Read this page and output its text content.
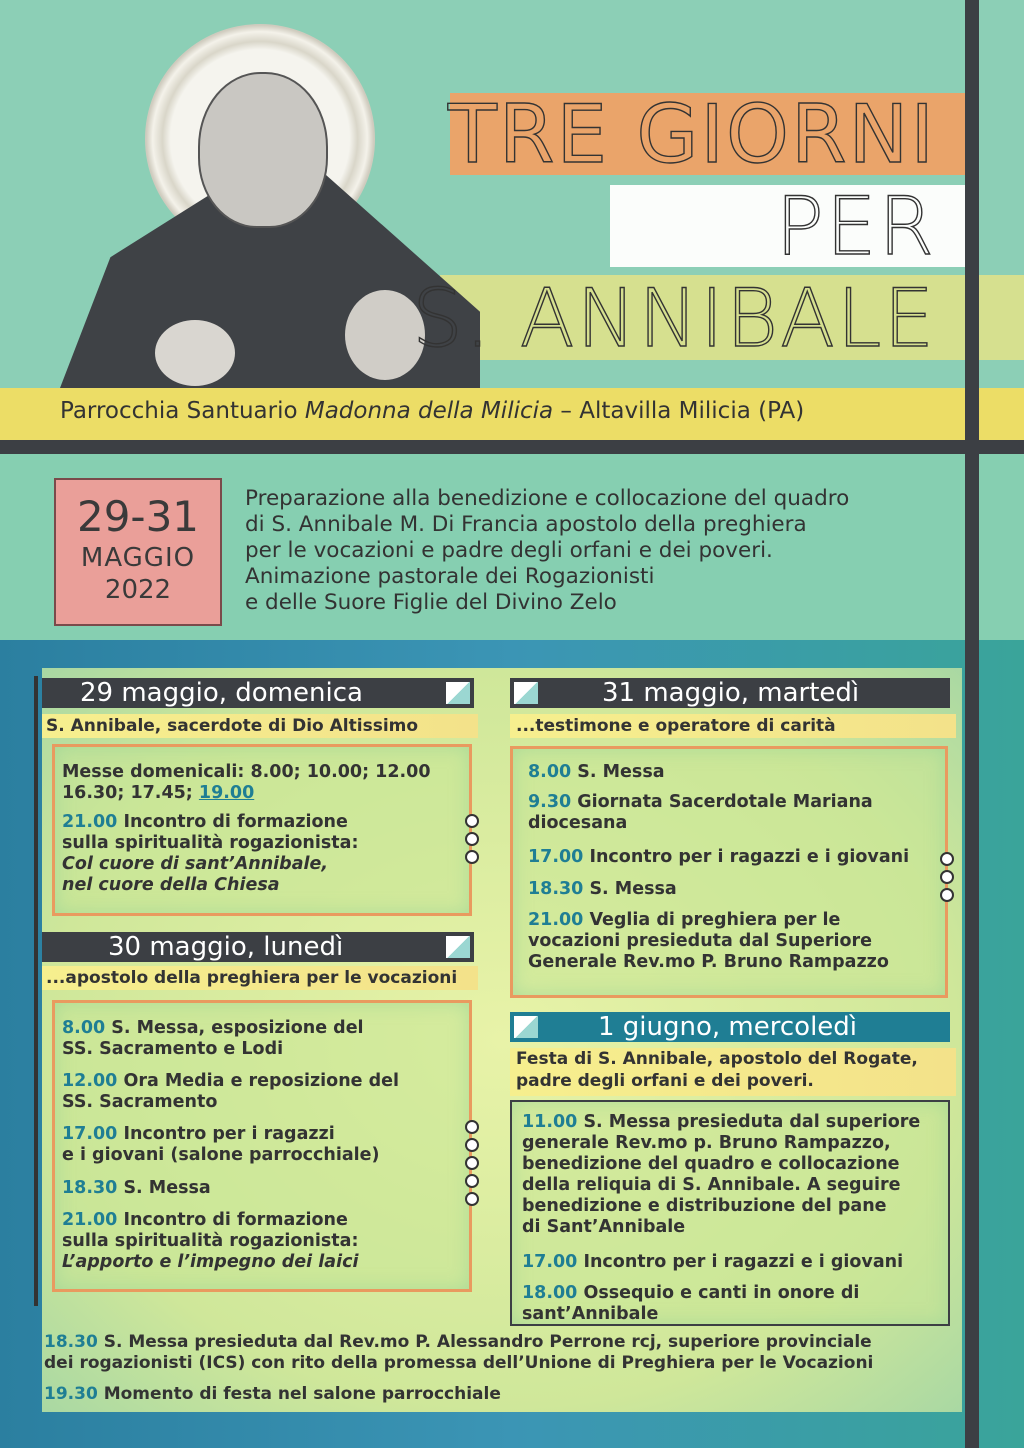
TRE GIORNI
PER
S. ANNIBALE
Parrocchia Santuario Madonna della Milicia – Altavilla Milicia (PA)
29-31
MAGGIO
2022
Preparazione alla benedizione e collocazione del quadro
di S. Annibale M. Di Francia apostolo della preghiera
per le vocazioni e padre degli orfani e dei poveri.
Animazione pastorale dei Rogazionisti
e delle Suore Figlie del Divino Zelo
29 maggio, domenica
S. Annibale, sacerdote di Dio Altissimo
Messe domenicali: 8.00; 10.00; 12.00
16.30; 17.45; 19.00
21.00 Incontro di formazione
sulla spiritualità rogazionista:
Col cuore di sant’Annibale,
nel cuore della Chiesa
30 maggio, lunedì
...apostolo della preghiera per le vocazioni
8.00 S. Messa, esposizione del
SS. Sacramento e Lodi
12.00 Ora Media e reposizione del
SS. Sacramento
17.00 Incontro per i ragazzi
e i giovani (salone parrocchiale)
18.30 S. Messa
21.00 Incontro di formazione
sulla spiritualità rogazionista:
L’apporto e l’impegno dei laici
31 maggio, martedì
...testimone e operatore di carità
8.00 S. Messa
9.30 Giornata Sacerdotale Mariana
diocesana
17.00 Incontro per i ragazzi e i giovani
18.30 S. Messa
21.00 Veglia di preghiera per le
vocazioni presieduta dal Superiore
Generale Rev.mo P. Bruno Rampazzo
1 giugno, mercoledì
Festa di S. Annibale, apostolo del Rogate,
padre degli orfani e dei poveri.
11.00 S. Messa presieduta dal superiore
generale Rev.mo p. Bruno Rampazzo,
benedizione del quadro e collocazione
della reliquia di S. Annibale. A seguire
benedizione e distribuzione del pane
di Sant’Annibale
17.00 Incontro per i ragazzi e i giovani
18.00 Ossequio e canti in onore di
sant’Annibale
18.30 S. Messa presieduta dal Rev.mo P. Alessandro Perrone rcj, superiore provinciale
dei rogazionisti (ICS) con rito della promessa dell’Unione di Preghiera per le Vocazioni
19.30 Momento di festa nel salone parrocchiale
